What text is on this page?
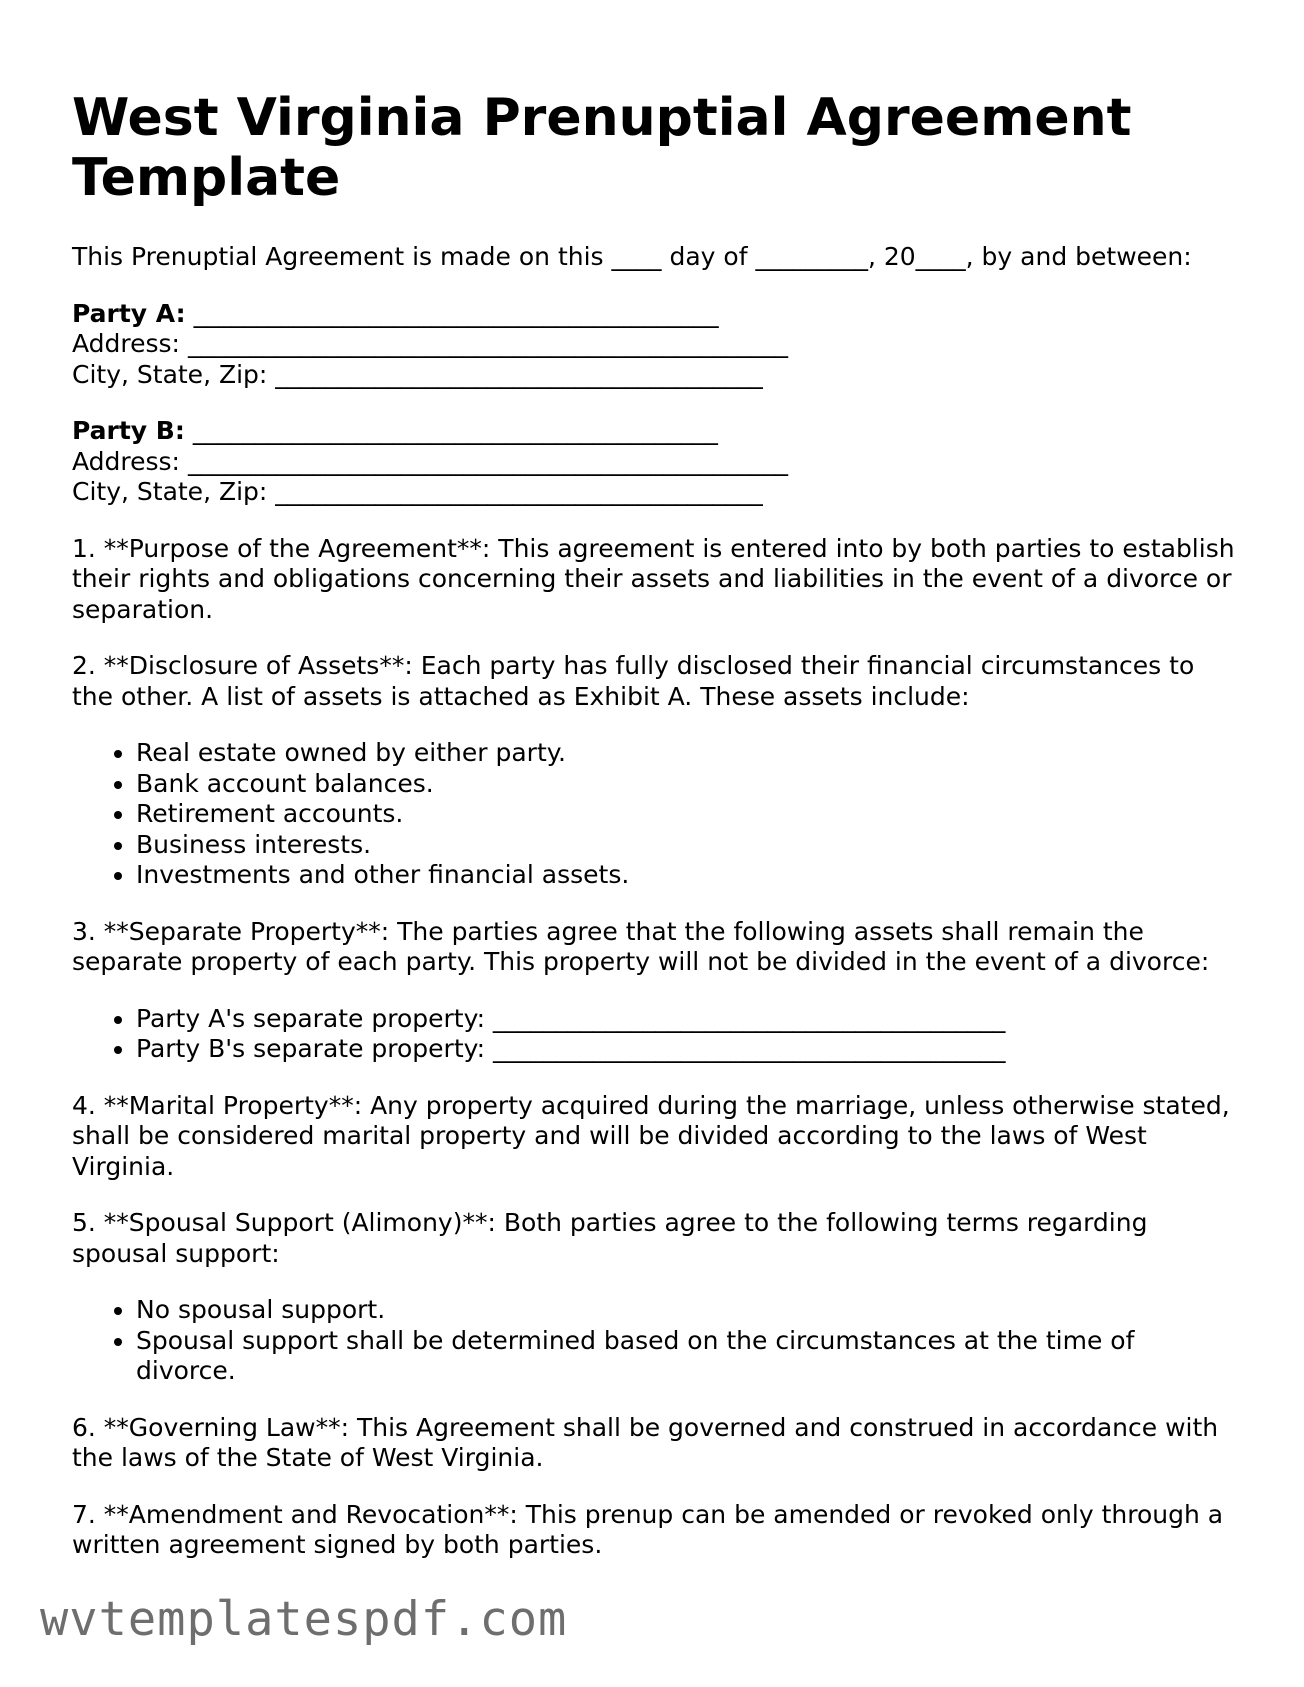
West Virginia Prenuptial Agreement
Template

This Prenuptial Agreement is made on this ____ day of _________, 20____, by and between:

Party A: __________________________________________
Address: ________________________________________________
City, State, Zip: _______________________________________
Party B: __________________________________________
Address: ________________________________________________
City, State, Zip: _______________________________________

1. **Purpose of the Agreement**: This agreement is entered into by both parties to establish their rights and obligations concerning their assets and liabilities in the event of a divorce or separation.

2. **Disclosure of Assets**: Each party has fully disclosed their financial circumstances to the other. A list of assets is attached as Exhibit A. These assets include:

• Real estate owned by either party.
• Bank account balances.
• Retirement accounts.
• Business interests.
• Investments and other financial assets.

3. **Separate Property**: The parties agree that the following assets shall remain the separate property of each party. This property will not be divided in the event of a divorce:

• Party A's separate property: _________________________________________
• Party B's separate property: _________________________________________

4. **Marital Property**: Any property acquired during the marriage, unless otherwise stated, shall be considered marital property and will be divided according to the laws of West Virginia.

5. **Spousal Support (Alimony)**: Both parties agree to the following terms regarding spousal support:

• No spousal support.
• Spousal support shall be determined based on the circumstances at the time of divorce.

6. **Governing Law**: This Agreement shall be governed and construed in accordance with the laws of the State of West Virginia.

7. **Amendment and Revocation**: This prenup can be amended or revoked only through a written agreement signed by both parties.

wvtemplatespdf.com
